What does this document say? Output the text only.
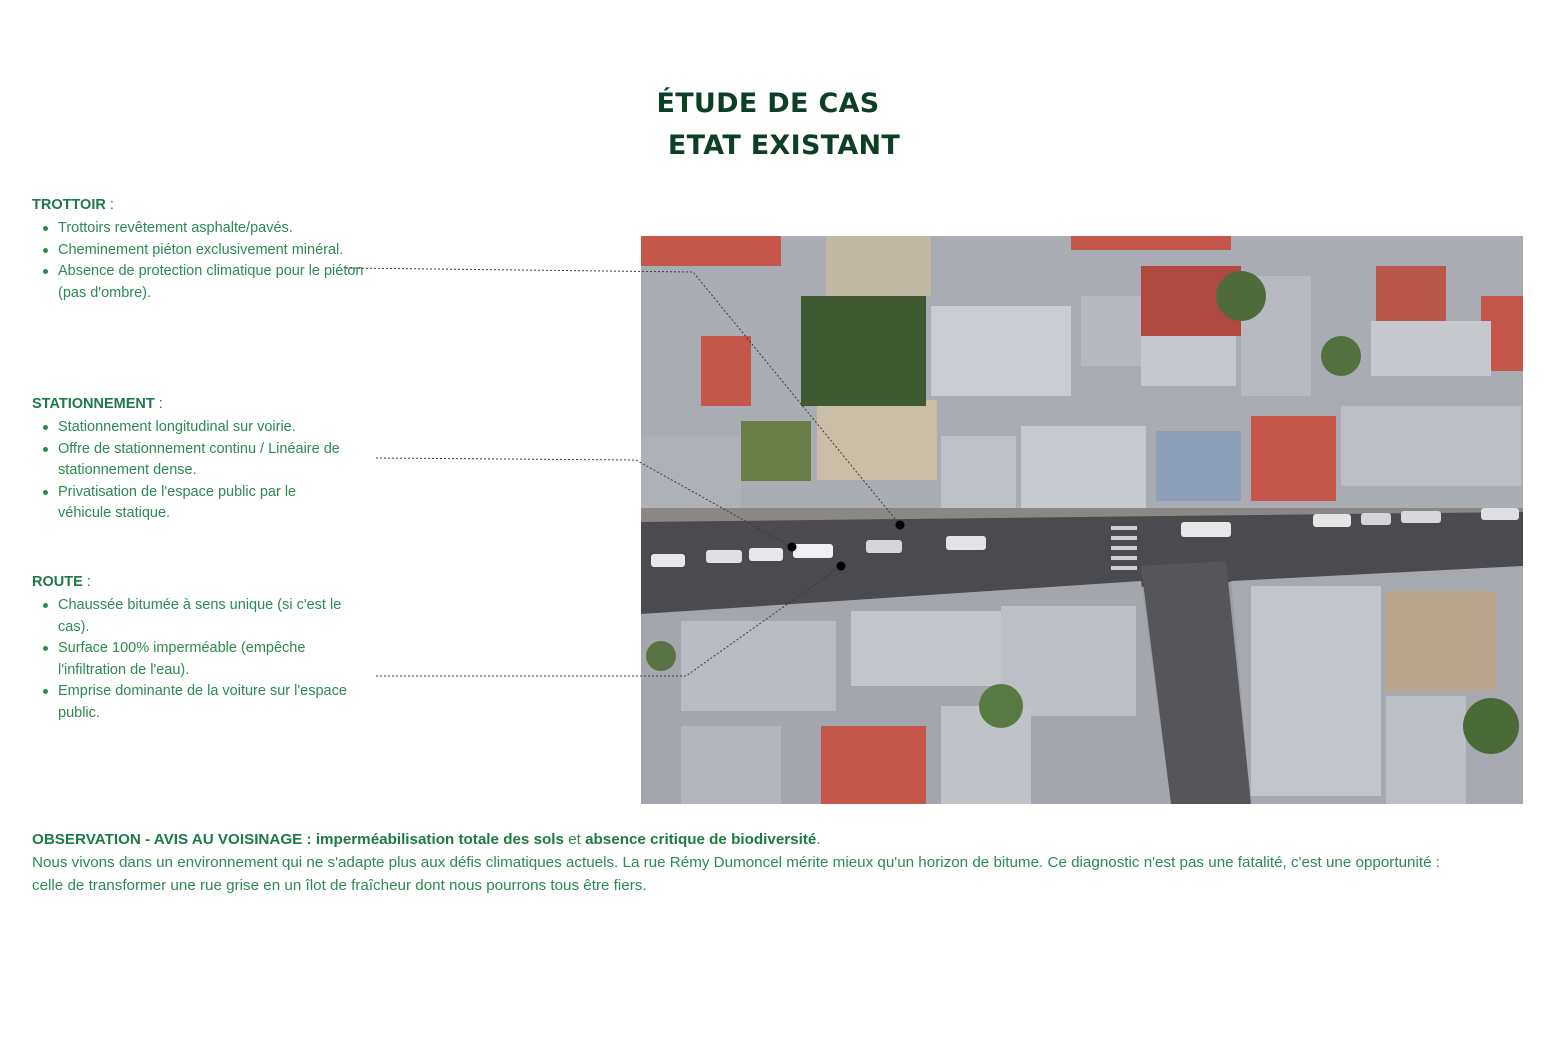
ÉTUDE DE CAS
ETAT EXISTANT

TROTTOIR :

Trottoirs revêtement asphalte/pavés.
Cheminement piéton exclusivement minéral.
Absence de protection climatique pour le piéton (pas d'ombre).

STATIONNEMENT :

Stationnement longitudinal sur voirie.
Offre de stationnement continu / Linéaire de stationnement dense.
Privatisation de l'espace public par le véhicule statique.

ROUTE :

Chaussée bitumée à sens unique (si c'est le cas).
Surface 100% imperméable (empêche l'infiltration de l'eau).
Emprise dominante de la voiture sur l'espace public.
OBSERVATION - AVIS AU VOISINAGE : imperméabilisation totale des sols et absence critique de biodiversité.
Nous vivons dans un environnement qui ne s'adapte plus aux défis climatiques actuels. La rue Rémy Dumoncel mérite mieux qu'un horizon de bitume. Ce diagnostic n'est pas une fatalité, c'est une opportunité : celle de transformer une rue grise en un îlot de fraîcheur dont nous pourrons tous être fiers.
